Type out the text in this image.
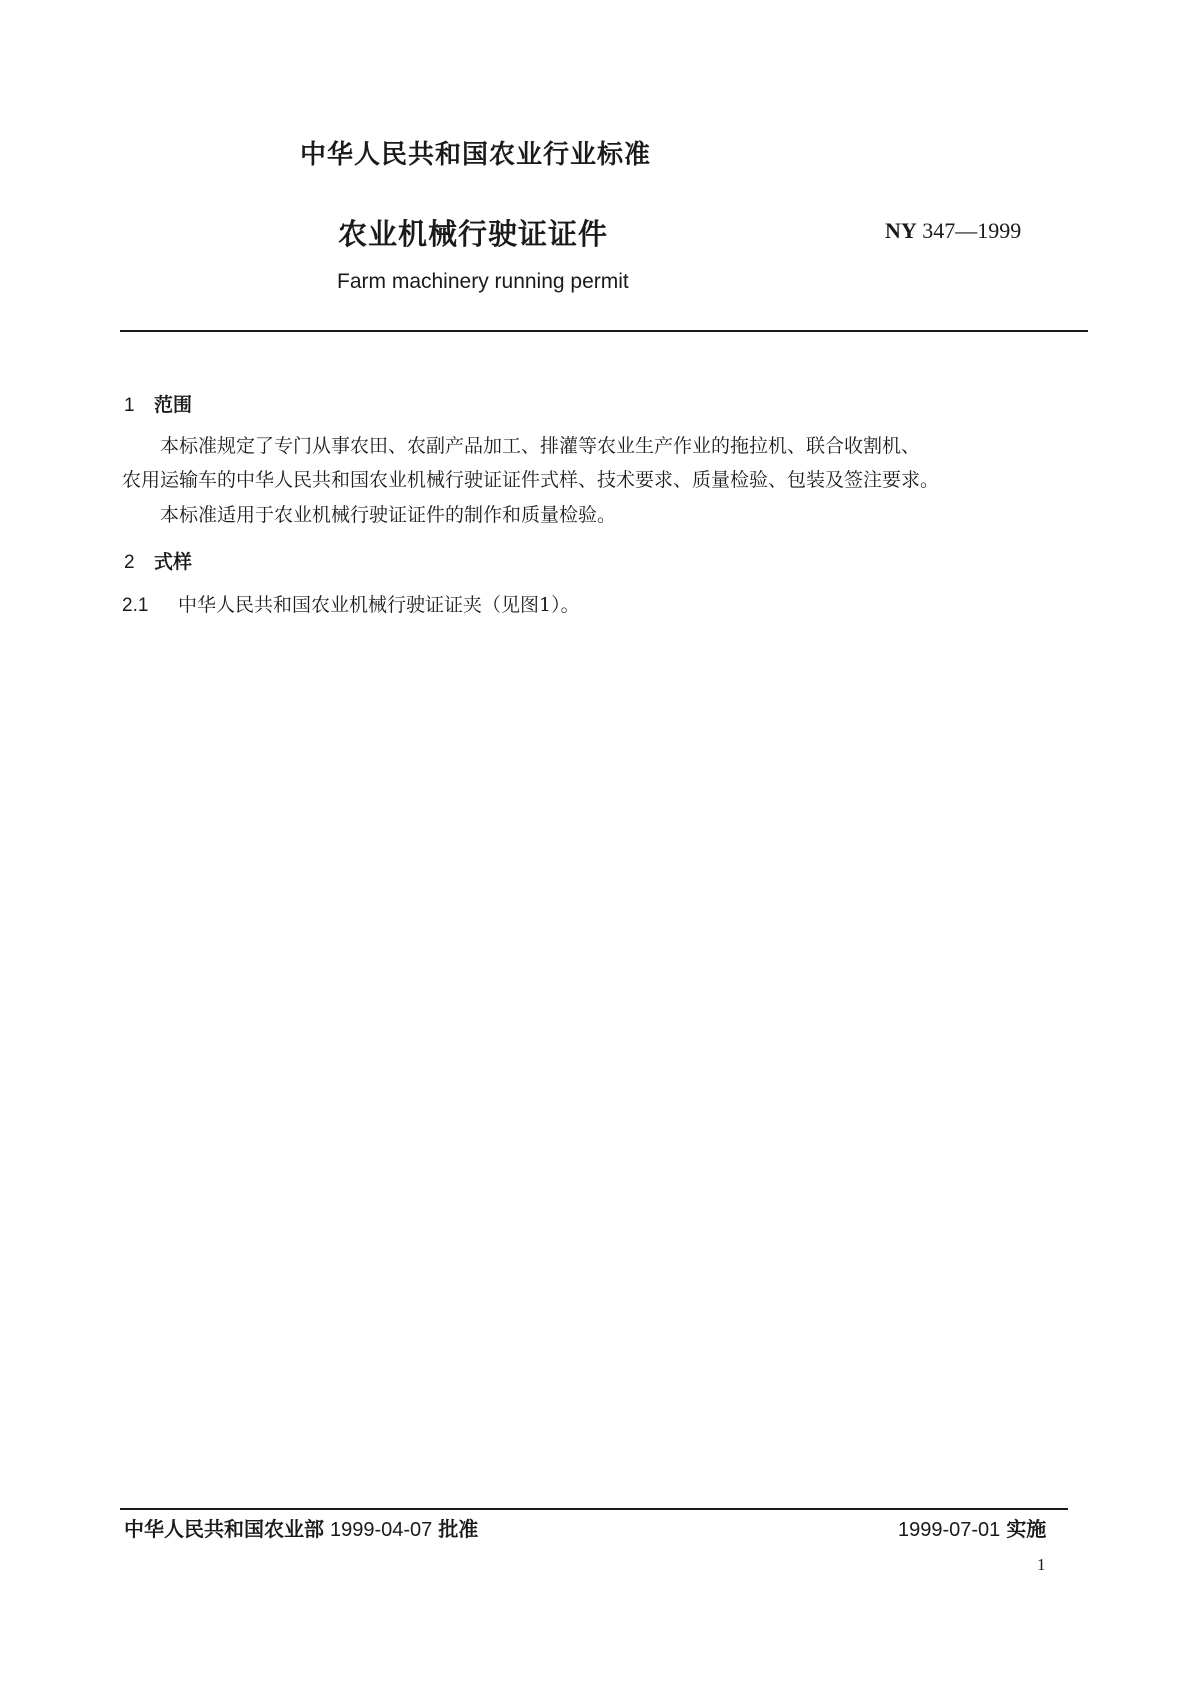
中华人民共和国农业行业标准
农业机械行驶证证件	NY 347—1999
Farm machinery running permit
1 范围
本标准规定了专门从事农田、农副产品加工、排灌等农业生产作业的拖拉机、联合收割机、
农用运输车的中华人民共和国农业机械行驶证证件式样、技术要求、质量检验、包装及签注要求。
本标准适用于农业机械行驶证证件的制作和质量检验。
2 式样
2.1 中华人民共和国农业机械行驶证证夹（见图1）。
中华人民共和国农业部 1999-04-07 批准	1999-07-01 实施
1
